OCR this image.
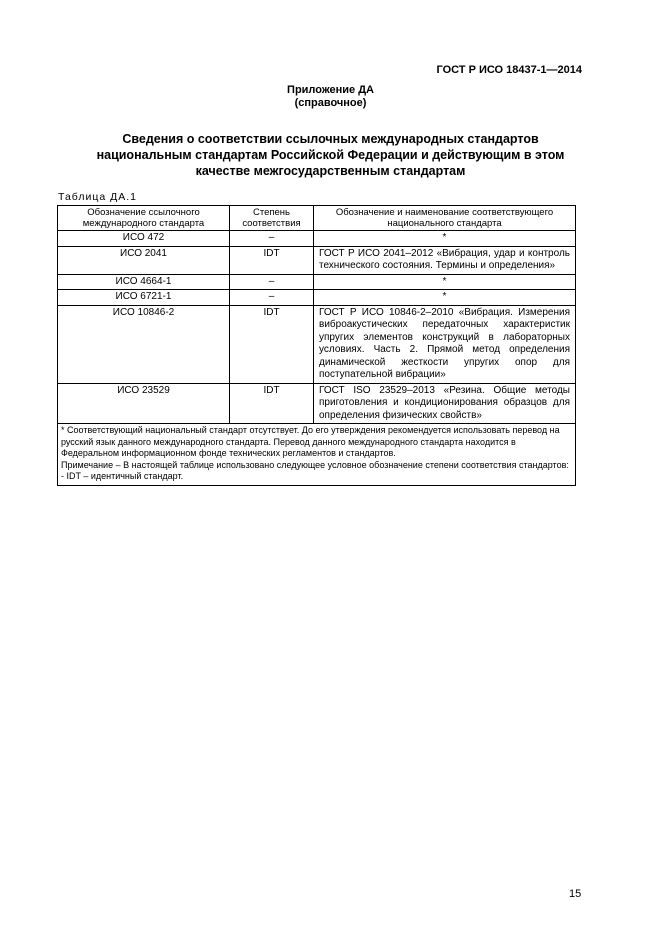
ГОСТ Р ИСО 18437-1—2014
Приложение ДА
(справочное)
Сведения о соответствии ссылочных международных стандартов
национальным стандартам Российской Федерации и действующим в этом
качестве межгосударственным стандартам
Таблица ДА.1
Обозначение ссылочного международного стандарта	Степень соответствия	Обозначение и наименование соответствующего национального стандарта
ИСО 472	–	*
ИСО 2041	IDT	ГОСТ Р ИСО 2041–2012 «Вибрация, удар и контроль технического состояния. Термины и определения»
ИСО 4664-1	–	*
ИСО 6721-1	–	*
ИСО 10846-2	IDT	ГОСТ Р ИСО 10846-2–2010 «Вибрация. Измерения виброакустических передаточных характеристик упругих элементов конструкций в лабораторных условиях. Часть 2. Прямой метод определения динамической жесткости упругих опор для поступательной вибрации»
ИСО 23529	IDT	ГОСТ ISO 23529–2013 «Резина. Общие методы приготовления и кондиционирования образцов для определения физических свойств»

* Соответствующий национальный стандарт отсутствует. До его утверждения рекомендуется использовать перевод на русский язык данного международного стандарта. Перевод данного международного стандарта находится в Федеральном информационном фонде технических регламентов и стандартов.
Примечание – В настоящей таблице использовано следующее условное обозначение степени соответствия стандартов:
- IDT – идентичный стандарт.		
15
